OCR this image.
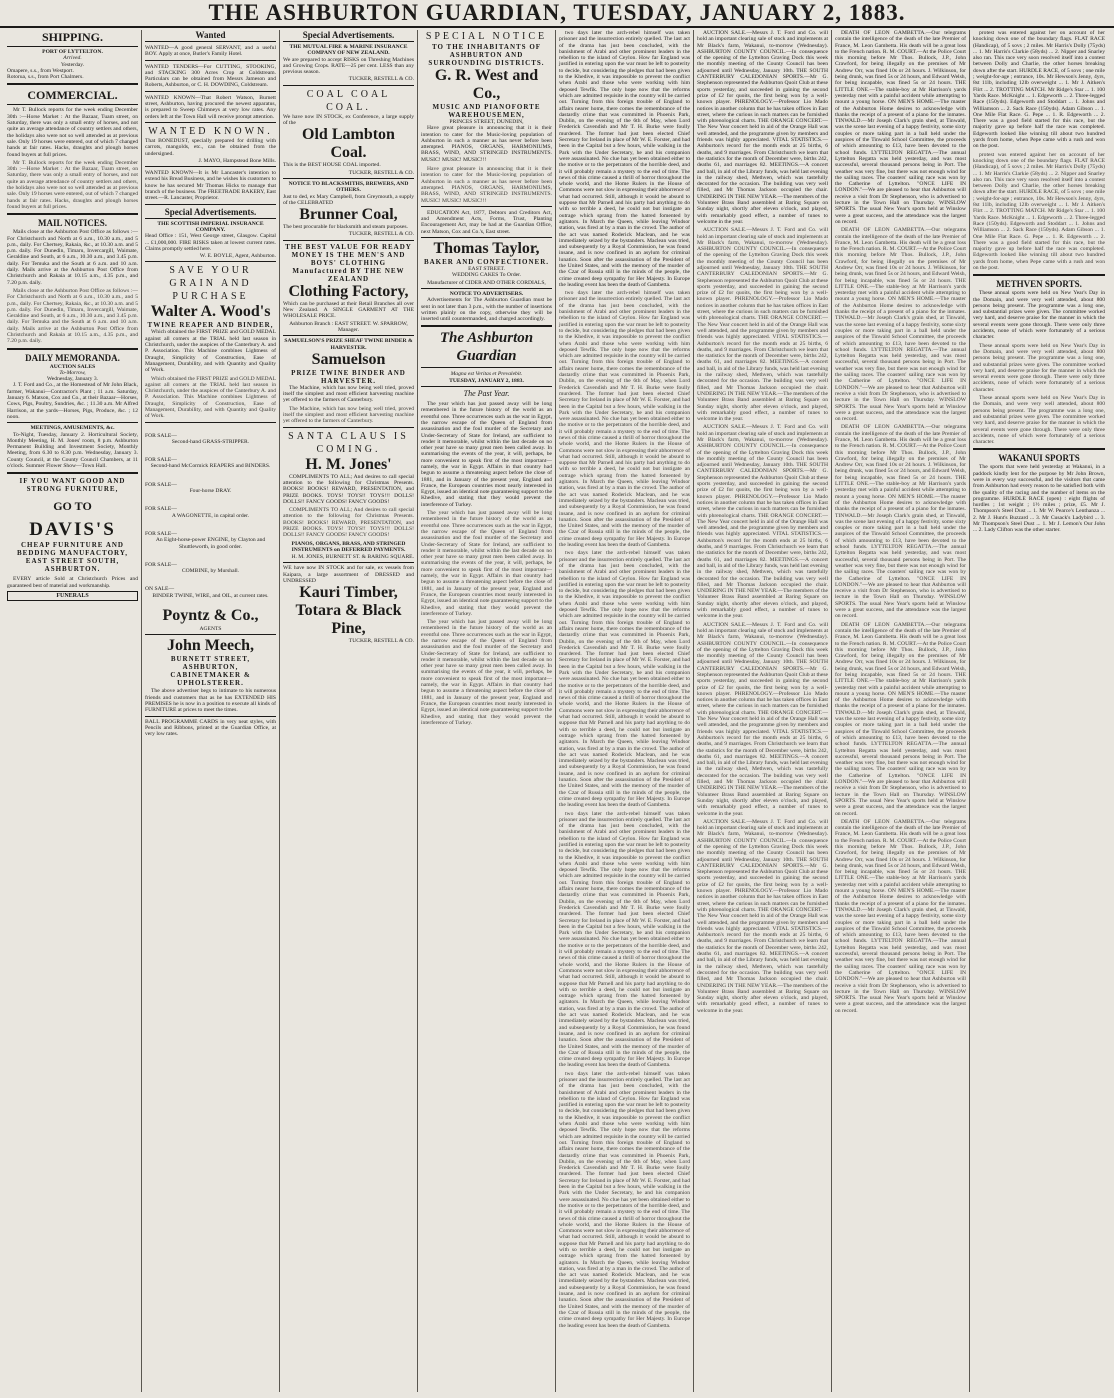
THE ASHBURTON GUARDIAN, TUESDAY, JANUARY 2, 1883.
SHIPPING.
PORT OF LYTTELTON.
Arrived.
Yesterday.
Omapere, s.s., from Westport.
Rotorua, s.s., from Port Chalmers.
COMMERCIAL.

Mr T. Bullock reports for the week ending December 30th :—Horse Market : At the Bazaar, Tuam street, on Saturday, there was only a small entry of horses, and not quite an average attendance of country settlers and others, the holidays also were not so well attended as at previous sale. Only 19 horses were entered, out of which 7 changed hands at fair rates. Hacks, draughts and plough horses found buyers at full prices.

Mr T. Bullock reports for the week ending December 30th :—Horse Market : At the Bazaar, Tuam street, on Saturday, there was only a small entry of horses, and not quite an average attendance of country settlers and others, the holidays also were not so well attended as at previous sale. Only 19 horses were entered, out of which 7 changed hands at fair rates. Hacks, draughts and plough horses found buyers at full prices.

MAIL NOTICES.

Mails close at the Ashburton Post Office as follows :— For Christchurch and North at 6 a.m., 10.30 a.m., and 5 p.m., daily. For Chertsey, Rakaia, &c., at 10.30 a.m. and 5 p.m. daily. For Dunedin, Timaru, Invercargill, Waimate, Geraldine and South, at 6 a.m., 10.30 a.m., and 3.45 p.m. daily. For Temuka and the South at 6 a.m. and 10 a.m. daily. Mails arrive at the Ashburton Post Office from Christchurch and Rakaia at 10.15 a.m., 4.35 p.m., and 7.20 p.m. daily.

Mails close at the Ashburton Post Office as follows :— For Christchurch and North at 6 a.m., 10.30 a.m., and 5 p.m., daily. For Chertsey, Rakaia, &c., at 10.30 a.m. and 5 p.m. daily. For Dunedin, Timaru, Invercargill, Waimate, Geraldine and South, at 6 a.m., 10.30 a.m., and 3.45 p.m. daily. For Temuka and the South at 6 a.m. and 10 a.m. daily. Mails arrive at the Ashburton Post Office from Christchurch and Rakaia at 10.15 a.m., 4.35 p.m., and 7.20 p.m. daily.

DAILY MEMORANDA.
AUCTION SALES
To-Morrow,
Wednesday, January 3.

J. T. Ford and Co., at the Homestead of Mr John Black, farmer, Wakanui—Contractor's Plant ; 11 a.m. Saturday, January 6. Matson, Cox and Co., at their Bazaar—Horses, Cows, Pigs, Poultry, Sundries, &c. ; 11.30 a.m. Mr Alfred Harrison, at the yards—Horses, Pigs, Produce, &c. ; 12 noon.

MEETINGS, AMUSEMENTS, &c.

To-Night, Tuesday, January 2. Horticultural Society, Monthly Meeting, H. M. Jones' room, 8 p.m. Ashburton Permanent Building and Investment Society, Monthly Meeting, from 6.30 to 8.30 p.m. Wednesday, January 3. County Council, at the County Council Chambers, at 11 o'clock. Summer Flower Show—Town Hall.

IF YOU WANT GOOD AND STRONG FURNITURE,
GO TO
DAVIS'S
CHEAP FURNITURE AND BEDDING MANUFACTORY,
EAST STREET SOUTH, ASHBURTON.

EVERY article Sold at Christchurch Prices and guaranteed best of material and workmanship.

FUNERALS
Wanted
WANTED—A good general SERVANT, and a useful BOY. Apply at once, Butler's Family Hotel.
WANTED TENDERS—For CUTTING, STOOKING, and STACKING 300 Acres Crop at Coldstream. Particulars can be obtained from Messrs Jameson and Roberts, Ashburton, or C. H. DOWDING, Coldstream.
WANTED KNOWN—That Robert Watson, Burnett street, Ashburton, having procured the newest apparatus, is prepared to Sweep Chimneys at very low rates. Any orders left at the Town Hall will receive prompt attention.
WANTED KNOWN.
That BONEDUST, specially prepared for drilling with carrots, mangolds, etc., can be obtained from the undersigned.
J. MAYO, Hampstead Bone Mills.
WANTED KNOWN—It is Mr Lancaster's intention to extend his Bread Business, and he wishes his customers to know he has secured Mr Thomas Hicks to manage that branch of the business. The FREETRADE BAKERY, East street.—R. Lancaster, Proprietor.
Special Advertisements.
THE SCOTTISH IMPERIAL INSURANCE COMPANY.
Head Office : 151, West George street, Glasgow. Capital ... £1,000,000. FIRE RISKS taken at lowest current rates. Claims promptly settled here.
W. E. BOYLE, Agent, Ashburton.
SAVE YOUR GRAIN AND PURCHASE
Walter A. Wood's
TWINE REAPER AND BINDER,

Which obtained the FIRST PRIZE and GOLD MEDAL against all comers at the TRIAL held last season in Christchurch, under the auspices of the Canterbury A. and P. Association. This Machine combines Lightness of Draught, Simplicity of Construction, Ease of Management, Durability, and with Quantity and Quality of Work.

Which obtained the FIRST PRIZE and GOLD MEDAL against all comers at the TRIAL held last season in Christchurch, under the auspices of the Canterbury A. and P. Association. This Machine combines Lightness of Draught, Simplicity of Construction, Ease of Management, Durability, and with Quantity and Quality of Work.

FOR SALE—
Second-hand GRASS-STRIPPER.
FOR SALE—
Second-hand McCormick REAPERS and BINDERS.
FOR SALE—
Four-horse DRAY.
FOR SALE—
A WAGONETTE, in capital order.
FOR SALE—
An Eight-horse-power ENGINE, by Clayton and Shuttleworth, in good order.
FOR SALE—
COMBINE, by Murshall.
ON SALE—
BINDER TWINE, WIRE, and OIL, at current rates.
Poyntz & Co.,
AGENTS
John Meech,
BURNETT STREET, ASHBURTON,
CABINETMAKER & UPHOLSTERER.

The above advertiser begs to intimate to his numerous friends and customers that as he has EXTENDED HIS PREMISES he is now in a position to execute all kinds of FURNITURE at prices to meet the times.

BALL PROGRAMME CARDS in very neat styles, with Pencils and Ribbons, printed at the Guardian Office, at very low rates.
Special Advertisements.
THE MUTUAL FIRE & MARINE INSURANCE COMPANY OF NEW ZEALAND.
We are prepared to accept RISKS on Threshing Machines and Growing Crops. RATE—25 per cent. LESS than any previous season.
TUCKER, RESTELL & CO.
COAL COAL COAL.
We have now IN STOCK, ex Conference, a large supply of the
Old Lambton Coal.
This is the BEST HOUSE COAL imported.
TUCKER, RESTELL & CO.
NOTICE TO BLACKSMITHS, BREWERS, AND OTHERS.
Just to ded, ex Mary Campbell, from Greymouth, a supply of the CELEBRATED
Brunner Coal,
The best procurable for blacksmith and steam purposes.
TUCKER, RESTELL & CO.
THE BEST VALUE FOR READY MONEY IS THE MEN'S AND BOYS' CLOTHING Manufactured BY THE NEW ZEALAND
Clothing Factory,
Which can be purchased at their Retail Branches all over New Zealand. A SINGLE GARMENT AT THE WHOLESALE PRICE.
Ashburton Branch : EAST STREET. W. SPARROW, Manager.
SAMUELSON'S PRIZE SHEAF TWINE BINDER & HARVESTER.
Samuelson
PRIZE TWINE BINDER AND HARVESTER.

The Machine, which has now being well tried, proved itself the simplest and most efficient harvesting machine yet offered to the farmers of Canterbury.

The Machine, which has now being well tried, proved itself the simplest and most efficient harvesting machine yet offered to the farmers of Canterbury.

SANTA CLAUS IS COMING.
H. M. Jones'

COMPLIMENTS TO ALL; And desires to call special attention to the following for Christmas Presents. BOOKS! BOOKS! REWARD, PRESENTATION, and PRIZE BOOKS. TOYS! TOYS!! TOYS!!! DOLLS! DOLLS!! FANCY GOODS! FANCY GOODS!

COMPLIMENTS TO ALL; And desires to call special attention to the following for Christmas Presents. BOOKS! BOOKS! REWARD, PRESENTATION, and PRIZE BOOKS. TOYS! TOYS!! TOYS!!! DOLLS! DOLLS!! FANCY GOODS! FANCY GOODS!

PIANOS, ORGANS, BRASS, AND STRINGED INSTRUMENTS on DEFERRED PAYMENTS.
H. M. JONES, BURNETT ST. & BARING SQUARE.
WE have now IN STOCK and for sale, ex vessels from Kaipara, a large assortment of DRESSED and UNDRESSED
Kauri Timber,
Totara & Black Pine,
TUCKER, RESTELL & CO.
SPECIAL NOTICE
TO THE INHABITANTS OF ASHBURTON AND SURROUNDING DISTRICTS.
G. R. West and Co.,
MUSIC AND PIANOFORTE WAREHOUSEMEN,
PRINCES STREET, DUNEDIN,

Have great pleasure in announcing that it is their intention to cater for the Music-loving population of Ashburton in such a manner as has never before been attempted. PIANOS, ORGANS, HARMONIUMS, BRASS, WIND, AND STRINGED INSTRUMENTS. MUSIC! MUSIC! MUSIC!!!

Have great pleasure in announcing that it is their intention to cater for the Music-loving population of Ashburton in such a manner as has never before been attempted. PIANOS, ORGANS, HARMONIUMS, BRASS, WIND, AND STRINGED INSTRUMENTS. MUSIC! MUSIC! MUSIC!!!

EDUCATION Act, 1877, Debtors and Creditors Act, and Amendment Acts, Forms, Trust, Planting Encouragement Act, may be had at the Guardian Office, next Matson, Cox and Co.'s, East street.

Thomas Taylor,
BAKER AND CONFECTIONER.
EAST STREET.
WEDDING CAKES To Order.
Manufacturer of CIDER AND OTHER CORDIALS,
NOTICE TO ADVERTISERS.

Advertisements for The Ashburton Guardian must be sent in not later than 3 p.m., with the number of insertions written plainly on the copy, otherwise they will be inserted until countermanded, and charged accordingly.

The Ashburton Guardian
Magna est Veritas et Prevalebit.
TUESDAY, JANUARY 2, 1883.
The Past Year.

The year which has just passed away will be long remembered in the future history of the world as an eventful one. Three occurrences such as the war in Egypt, the narrow escape of the Queen of England from assassination and the foul murder of the Secretary and Under-Secretary of State for Ireland, are sufficient to render it memorable, whilst within the last decade on no other year have so many great men been called away. In summarising the events of the year, it will, perhaps, be more convenient to speak first of the most important—namely, the war in Egypt. Affairs in that country had begun to assume a threatening aspect before the close of 1881, and in January of the present year, England and France, the European countries most nearly interested in Egypt, issued an identical note guaranteeing support to the Khedive, and stating that they would prevent the interference of Turkey.

The year which has just passed away will be long remembered in the future history of the world as an eventful one. Three occurrences such as the war in Egypt, the narrow escape of the Queen of England from assassination and the foul murder of the Secretary and Under-Secretary of State for Ireland, are sufficient to render it memorable, whilst within the last decade on no other year have so many great men been called away. In summarising the events of the year, it will, perhaps, be more convenient to speak first of the most important—namely, the war in Egypt. Affairs in that country had begun to assume a threatening aspect before the close of 1881, and in January of the present year, England and France, the European countries most nearly interested in Egypt, issued an identical note guaranteeing support to the Khedive, and stating that they would prevent the interference of Turkey.

The year which has just passed away will be long remembered in the future history of the world as an eventful one. Three occurrences such as the war in Egypt, the narrow escape of the Queen of England from assassination and the foul murder of the Secretary and Under-Secretary of State for Ireland, are sufficient to render it memorable, whilst within the last decade on no other year have so many great men been called away. In summarising the events of the year, it will, perhaps, be more convenient to speak first of the most important—namely, the war in Egypt. Affairs in that country had begun to assume a threatening aspect before the close of 1881, and in January of the present year, England and France, the European countries most nearly interested in Egypt, issued an identical note guaranteeing support to the Khedive, and stating that they would prevent the interference of Turkey.

two days later the arch-rebel himself was taken prisoner and the insurrection entirely quelled. The last act of the drama has just been concluded, with the banishment of Arabi and other prominent leaders in the rebellion to the island of Ceylon. How far England was justified in entering upon the war must be left to posterity to decide, but considering the pledges that had been given to the Khedive, it was impossible to prevent the conflict when Arabi and those who were working with him deposed Tewfik. The only hope now that the reforms which are admitted requisite in the country will be carried out. Turning from this foreign trouble of England to affairs nearer home, there comes the remembrance of the dastardly crime that was committed in Phoenix Park, Dublin, on the evening of the 6th of May, when Lord Frederick Cavendish and Mr T. H. Burke were foully murdered. The former had just been elected Chief Secretary for Ireland in place of Mr W. E. Forster, and had been in the Capital but a few hours, while walking in the Park with the Under Secretary, he and his companion were assassinated. No clue has yet been obtained either to the motive or to the perpetrators of the horrible deed, and it will probably remain a mystery to the end of time. The news of this crime caused a thrill of horror throughout the whole world, and the Home Rulers in the House of Commons were not slow in expressing their abhorrence of what had occurred. Still, although it would be absurd to suppose that Mr Parnell and his party had anything to do with so terrible a deed, he could not but instigate an outrage which sprang from the hatred fomented by agitators. In March the Queen, while leaving Windsor station, was fired at by a man in the crowd. The author of the act was named Roderick Maclean, and he was immediately seized by the bystanders. Maclean was tried, and subsequently by a Royal Commission, he was found insane, and is now confined in an asylum for criminal lunatics. Soon after the assassination of the President of the United States, and with the memory of the murder of the Czar of Russia still in the minds of the people, the crime created deep sympathy for Her Majesty. In Europe the leading event has been the death of Gambetta.

two days later the arch-rebel himself was taken prisoner and the insurrection entirely quelled. The last act of the drama has just been concluded, with the banishment of Arabi and other prominent leaders in the rebellion to the island of Ceylon. How far England was justified in entering upon the war must be left to posterity to decide, but considering the pledges that had been given to the Khedive, it was impossible to prevent the conflict when Arabi and those who were working with him deposed Tewfik. The only hope now that the reforms which are admitted requisite in the country will be carried out. Turning from this foreign trouble of England to affairs nearer home, there comes the remembrance of the dastardly crime that was committed in Phoenix Park, Dublin, on the evening of the 6th of May, when Lord Frederick Cavendish and Mr T. H. Burke were foully murdered. The former had just been elected Chief Secretary for Ireland in place of Mr W. E. Forster, and had been in the Capital but a few hours, while walking in the Park with the Under Secretary, he and his companion were assassinated. No clue has yet been obtained either to the motive or to the perpetrators of the horrible deed, and it will probably remain a mystery to the end of time. The news of this crime caused a thrill of horror throughout the whole world, and the Home Rulers in the House of Commons were not slow in expressing their abhorrence of what had occurred. Still, although it would be absurd to suppose that Mr Parnell and his party had anything to do with so terrible a deed, he could not but instigate an outrage which sprang from the hatred fomented by agitators. In March the Queen, while leaving Windsor station, was fired at by a man in the crowd. The author of the act was named Roderick Maclean, and he was immediately seized by the bystanders. Maclean was tried, and subsequently by a Royal Commission, he was found insane, and is now confined in an asylum for criminal lunatics. Soon after the assassination of the President of the United States, and with the memory of the murder of the Czar of Russia still in the minds of the people, the crime created deep sympathy for Her Majesty. In Europe the leading event has been the death of Gambetta.

two days later the arch-rebel himself was taken prisoner and the insurrection entirely quelled. The last act of the drama has just been concluded, with the banishment of Arabi and other prominent leaders in the rebellion to the island of Ceylon. How far England was justified in entering upon the war must be left to posterity to decide, but considering the pledges that had been given to the Khedive, it was impossible to prevent the conflict when Arabi and those who were working with him deposed Tewfik. The only hope now that the reforms which are admitted requisite in the country will be carried out. Turning from this foreign trouble of England to affairs nearer home, there comes the remembrance of the dastardly crime that was committed in Phoenix Park, Dublin, on the evening of the 6th of May, when Lord Frederick Cavendish and Mr T. H. Burke were foully murdered. The former had just been elected Chief Secretary for Ireland in place of Mr W. E. Forster, and had been in the Capital but a few hours, while walking in the Park with the Under Secretary, he and his companion were assassinated. No clue has yet been obtained either to the motive or to the perpetrators of the horrible deed, and it will probably remain a mystery to the end of time. The news of this crime caused a thrill of horror throughout the whole world, and the Home Rulers in the House of Commons were not slow in expressing their abhorrence of what had occurred. Still, although it would be absurd to suppose that Mr Parnell and his party had anything to do with so terrible a deed, he could not but instigate an outrage which sprang from the hatred fomented by agitators. In March the Queen, while leaving Windsor station, was fired at by a man in the crowd. The author of the act was named Roderick Maclean, and he was immediately seized by the bystanders. Maclean was tried, and subsequently by a Royal Commission, he was found insane, and is now confined in an asylum for criminal lunatics. Soon after the assassination of the President of the United States, and with the memory of the murder of the Czar of Russia still in the minds of the people, the crime created deep sympathy for Her Majesty. In Europe the leading event has been the death of Gambetta.

two days later the arch-rebel himself was taken prisoner and the insurrection entirely quelled. The last act of the drama has just been concluded, with the banishment of Arabi and other prominent leaders in the rebellion to the island of Ceylon. How far England was justified in entering upon the war must be left to posterity to decide, but considering the pledges that had been given to the Khedive, it was impossible to prevent the conflict when Arabi and those who were working with him deposed Tewfik. The only hope now that the reforms which are admitted requisite in the country will be carried out. Turning from this foreign trouble of England to affairs nearer home, there comes the remembrance of the dastardly crime that was committed in Phoenix Park, Dublin, on the evening of the 6th of May, when Lord Frederick Cavendish and Mr T. H. Burke were foully murdered. The former had just been elected Chief Secretary for Ireland in place of Mr W. E. Forster, and had been in the Capital but a few hours, while walking in the Park with the Under Secretary, he and his companion were assassinated. No clue has yet been obtained either to the motive or to the perpetrators of the horrible deed, and it will probably remain a mystery to the end of time. The news of this crime caused a thrill of horror throughout the whole world, and the Home Rulers in the House of Commons were not slow in expressing their abhorrence of what had occurred. Still, although it would be absurd to suppose that Mr Parnell and his party had anything to do with so terrible a deed, he could not but instigate an outrage which sprang from the hatred fomented by agitators. In March the Queen, while leaving Windsor station, was fired at by a man in the crowd. The author of the act was named Roderick Maclean, and he was immediately seized by the bystanders. Maclean was tried, and subsequently by a Royal Commission, he was found insane, and is now confined in an asylum for criminal lunatics. Soon after the assassination of the President of the United States, and with the memory of the murder of the Czar of Russia still in the minds of the people, the crime created deep sympathy for Her Majesty. In Europe the leading event has been the death of Gambetta.

two days later the arch-rebel himself was taken prisoner and the insurrection entirely quelled. The last act of the drama has just been concluded, with the banishment of Arabi and other prominent leaders in the rebellion to the island of Ceylon. How far England was justified in entering upon the war must be left to posterity to decide, but considering the pledges that had been given to the Khedive, it was impossible to prevent the conflict when Arabi and those who were working with him deposed Tewfik. The only hope now that the reforms which are admitted requisite in the country will be carried out. Turning from this foreign trouble of England to affairs nearer home, there comes the remembrance of the dastardly crime that was committed in Phoenix Park, Dublin, on the evening of the 6th of May, when Lord Frederick Cavendish and Mr T. H. Burke were foully murdered. The former had just been elected Chief Secretary for Ireland in place of Mr W. E. Forster, and had been in the Capital but a few hours, while walking in the Park with the Under Secretary, he and his companion were assassinated. No clue has yet been obtained either to the motive or to the perpetrators of the horrible deed, and it will probably remain a mystery to the end of time. The news of this crime caused a thrill of horror throughout the whole world, and the Home Rulers in the House of Commons were not slow in expressing their abhorrence of what had occurred. Still, although it would be absurd to suppose that Mr Parnell and his party had anything to do with so terrible a deed, he could not but instigate an outrage which sprang from the hatred fomented by agitators. In March the Queen, while leaving Windsor station, was fired at by a man in the crowd. The author of the act was named Roderick Maclean, and he was immediately seized by the bystanders. Maclean was tried, and subsequently by a Royal Commission, he was found insane, and is now confined in an asylum for criminal lunatics. Soon after the assassination of the President of the United States, and with the memory of the murder of the Czar of Russia still in the minds of the people, the crime created deep sympathy for Her Majesty. In Europe the leading event has been the death of Gambetta.

AUCTION SALE.—Messrs J. T. Ford and Co. will hold an important clearing sale of stock and implements at Mr Black's farm, Wakanui, to-morrow (Wednesday). ASHBURTON COUNTY COUNCIL.—In consequence of the opening of the Lyttelton Graving Dock this week the monthly meeting of the County Council has been adjourned until Wednesday, January 10th. THE SOUTH CANTERBURY CALEDONIAN SPORTS.—Mr G. Stephenson represented the Ashburton Quoit Club at these sports yesterday, and succeeded in gaining the second prize of £2 for quoits, the first being won by a well-known player. PHRENOLOGY.—Professor Lio Mado notices in another column that he has taken offices in East street, where the curious in such matters can be furnished with phrenological charts. THE ORANGE CONCERT.—The New Year concert held in aid of the Orange Hall was well attended, and the programme given by members and friends was highly appreciated. VITAL STATISTICS.—Ashburton's record for the month ends at 25 births, 6 deaths, and 9 marriages. From Christchurch we learn that the statistics for the month of December were, births 242, deaths 61, and marriages 82. MEETINGS.—A concert and ball, in aid of the Library funds, was held last evening in the railway shed, Methven, which was tastefully decorated for the occasion. The building was very well filled, and Mr Thomas Jackson occupied the chair. UNDERING IN THE NEW YEAR.—The members of the Volunteer Brass Band assembled at Baring Square on Sunday night, shortly after eleven o'clock, and played, with remarkably good effect, a number of tunes to welcome in the year.

AUCTION SALE.—Messrs J. T. Ford and Co. will hold an important clearing sale of stock and implements at Mr Black's farm, Wakanui, to-morrow (Wednesday). ASHBURTON COUNTY COUNCIL.—In consequence of the opening of the Lyttelton Graving Dock this week the monthly meeting of the County Council has been adjourned until Wednesday, January 10th. THE SOUTH CANTERBURY CALEDONIAN SPORTS.—Mr G. Stephenson represented the Ashburton Quoit Club at these sports yesterday, and succeeded in gaining the second prize of £2 for quoits, the first being won by a well-known player. PHRENOLOGY.—Professor Lio Mado notices in another column that he has taken offices in East street, where the curious in such matters can be furnished with phrenological charts. THE ORANGE CONCERT.—The New Year concert held in aid of the Orange Hall was well attended, and the programme given by members and friends was highly appreciated. VITAL STATISTICS.—Ashburton's record for the month ends at 25 births, 6 deaths, and 9 marriages. From Christchurch we learn that the statistics for the month of December were, births 242, deaths 61, and marriages 82. MEETINGS.—A concert and ball, in aid of the Library funds, was held last evening in the railway shed, Methven, which was tastefully decorated for the occasion. The building was very well filled, and Mr Thomas Jackson occupied the chair. UNDERING IN THE NEW YEAR.—The members of the Volunteer Brass Band assembled at Baring Square on Sunday night, shortly after eleven o'clock, and played, with remarkably good effect, a number of tunes to welcome in the year.

AUCTION SALE.—Messrs J. T. Ford and Co. will hold an important clearing sale of stock and implements at Mr Black's farm, Wakanui, to-morrow (Wednesday). ASHBURTON COUNTY COUNCIL.—In consequence of the opening of the Lyttelton Graving Dock this week the monthly meeting of the County Council has been adjourned until Wednesday, January 10th. THE SOUTH CANTERBURY CALEDONIAN SPORTS.—Mr G. Stephenson represented the Ashburton Quoit Club at these sports yesterday, and succeeded in gaining the second prize of £2 for quoits, the first being won by a well-known player. PHRENOLOGY.—Professor Lio Mado notices in another column that he has taken offices in East street, where the curious in such matters can be furnished with phrenological charts. THE ORANGE CONCERT.—The New Year concert held in aid of the Orange Hall was well attended, and the programme given by members and friends was highly appreciated. VITAL STATISTICS.—Ashburton's record for the month ends at 25 births, 6 deaths, and 9 marriages. From Christchurch we learn that the statistics for the month of December were, births 242, deaths 61, and marriages 82. MEETINGS.—A concert and ball, in aid of the Library funds, was held last evening in the railway shed, Methven, which was tastefully decorated for the occasion. The building was very well filled, and Mr Thomas Jackson occupied the chair. UNDERING IN THE NEW YEAR.—The members of the Volunteer Brass Band assembled at Baring Square on Sunday night, shortly after eleven o'clock, and played, with remarkably good effect, a number of tunes to welcome in the year.

AUCTION SALE.—Messrs J. T. Ford and Co. will hold an important clearing sale of stock and implements at Mr Black's farm, Wakanui, to-morrow (Wednesday). ASHBURTON COUNTY COUNCIL.—In consequence of the opening of the Lyttelton Graving Dock this week the monthly meeting of the County Council has been adjourned until Wednesday, January 10th. THE SOUTH CANTERBURY CALEDONIAN SPORTS.—Mr G. Stephenson represented the Ashburton Quoit Club at these sports yesterday, and succeeded in gaining the second prize of £2 for quoits, the first being won by a well-known player. PHRENOLOGY.—Professor Lio Mado notices in another column that he has taken offices in East street, where the curious in such matters can be furnished with phrenological charts. THE ORANGE CONCERT.—The New Year concert held in aid of the Orange Hall was well attended, and the programme given by members and friends was highly appreciated. VITAL STATISTICS.—Ashburton's record for the month ends at 25 births, 6 deaths, and 9 marriages. From Christchurch we learn that the statistics for the month of December were, births 242, deaths 61, and marriages 82. MEETINGS.—A concert and ball, in aid of the Library funds, was held last evening in the railway shed, Methven, which was tastefully decorated for the occasion. The building was very well filled, and Mr Thomas Jackson occupied the chair. UNDERING IN THE NEW YEAR.—The members of the Volunteer Brass Band assembled at Baring Square on Sunday night, shortly after eleven o'clock, and played, with remarkably good effect, a number of tunes to welcome in the year.

AUCTION SALE.—Messrs J. T. Ford and Co. will hold an important clearing sale of stock and implements at Mr Black's farm, Wakanui, to-morrow (Wednesday). ASHBURTON COUNTY COUNCIL.—In consequence of the opening of the Lyttelton Graving Dock this week the monthly meeting of the County Council has been adjourned until Wednesday, January 10th. THE SOUTH CANTERBURY CALEDONIAN SPORTS.—Mr G. Stephenson represented the Ashburton Quoit Club at these sports yesterday, and succeeded in gaining the second prize of £2 for quoits, the first being won by a well-known player. PHRENOLOGY.—Professor Lio Mado notices in another column that he has taken offices in East street, where the curious in such matters can be furnished with phrenological charts. THE ORANGE CONCERT.—The New Year concert held in aid of the Orange Hall was well attended, and the programme given by members and friends was highly appreciated. VITAL STATISTICS.—Ashburton's record for the month ends at 25 births, 6 deaths, and 9 marriages. From Christchurch we learn that the statistics for the month of December were, births 242, deaths 61, and marriages 82. MEETINGS.—A concert and ball, in aid of the Library funds, was held last evening in the railway shed, Methven, which was tastefully decorated for the occasion. The building was very well filled, and Mr Thomas Jackson occupied the chair. UNDERING IN THE NEW YEAR.—The members of the Volunteer Brass Band assembled at Baring Square on Sunday night, shortly after eleven o'clock, and played, with remarkably good effect, a number of tunes to welcome in the year.

DEATH OF LEON GAMBETTA.—Our telegrams contain the intelligence of the death of the late Premier of France, M. Leon Gambetta. His death will be a great loss to the French nation. R. M. COURT.—At the Police Court this morning before Mr Thos. Bullock, J.P., John Crawford, for being illegally on the premises of Mr Andrew Orr, was fined 10s or 24 hours. J. Wilkinson, for being drunk, was fined 5s or 24 hours, and Edward Welsh, for being incapable, was fined 5s or 24 hours. THE LITTLE ONE.—The stable-boy at Mr Harrison's yards yesterday met with a painful accident while attempting to mount a young horse. ON MEN'S HOME.—The master of the Ashburton Home desires to acknowledge with thanks the receipt of a present of a piano for the inmates. TINWALD.—Mr Joseph Clark's grain shed, at Tinwald, was the scene last evening of a happy festivity, some sixty couples or more taking part in a ball held under the auspices of the Tinwald School Committee, the proceeds of which amounting to £13, have been devoted to the school funds. LYTTELTON REGATTA.—The annual Lyttelton Regatta was held yesterday, and was most successful, several thousand persons being in Port. The weather was very fine, but there was not enough wind for the sailing races. The coasters' sailing race was won by the Catherine of Lyttelton. "ONCE LIFE IN LONDON."—We are pleased to hear that Ashburton will receive a visit from Dr Stephenson, who is advertised to lecture in the Town Hall on Thursday. WINSLOW SPORTS. The usual New Year's sports held at Winslow were a great success, and the attendance was the largest on record.

DEATH OF LEON GAMBETTA.—Our telegrams contain the intelligence of the death of the late Premier of France, M. Leon Gambetta. His death will be a great loss to the French nation. R. M. COURT.—At the Police Court this morning before Mr Thos. Bullock, J.P., John Crawford, for being illegally on the premises of Mr Andrew Orr, was fined 10s or 24 hours. J. Wilkinson, for being drunk, was fined 5s or 24 hours, and Edward Welsh, for being incapable, was fined 5s or 24 hours. THE LITTLE ONE.—The stable-boy at Mr Harrison's yards yesterday met with a painful accident while attempting to mount a young horse. ON MEN'S HOME.—The master of the Ashburton Home desires to acknowledge with thanks the receipt of a present of a piano for the inmates. TINWALD.—Mr Joseph Clark's grain shed, at Tinwald, was the scene last evening of a happy festivity, some sixty couples or more taking part in a ball held under the auspices of the Tinwald School Committee, the proceeds of which amounting to £13, have been devoted to the school funds. LYTTELTON REGATTA.—The annual Lyttelton Regatta was held yesterday, and was most successful, several thousand persons being in Port. The weather was very fine, but there was not enough wind for the sailing races. The coasters' sailing race was won by the Catherine of Lyttelton. "ONCE LIFE IN LONDON."—We are pleased to hear that Ashburton will receive a visit from Dr Stephenson, who is advertised to lecture in the Town Hall on Thursday. WINSLOW SPORTS. The usual New Year's sports held at Winslow were a great success, and the attendance was the largest on record.

DEATH OF LEON GAMBETTA.—Our telegrams contain the intelligence of the death of the late Premier of France, M. Leon Gambetta. His death will be a great loss to the French nation. R. M. COURT.—At the Police Court this morning before Mr Thos. Bullock, J.P., John Crawford, for being illegally on the premises of Mr Andrew Orr, was fined 10s or 24 hours. J. Wilkinson, for being drunk, was fined 5s or 24 hours, and Edward Welsh, for being incapable, was fined 5s or 24 hours. THE LITTLE ONE.—The stable-boy at Mr Harrison's yards yesterday met with a painful accident while attempting to mount a young horse. ON MEN'S HOME.—The master of the Ashburton Home desires to acknowledge with thanks the receipt of a present of a piano for the inmates. TINWALD.—Mr Joseph Clark's grain shed, at Tinwald, was the scene last evening of a happy festivity, some sixty couples or more taking part in a ball held under the auspices of the Tinwald School Committee, the proceeds of which amounting to £13, have been devoted to the school funds. LYTTELTON REGATTA.—The annual Lyttelton Regatta was held yesterday, and was most successful, several thousand persons being in Port. The weather was very fine, but there was not enough wind for the sailing races. The coasters' sailing race was won by the Catherine of Lyttelton. "ONCE LIFE IN LONDON."—We are pleased to hear that Ashburton will receive a visit from Dr Stephenson, who is advertised to lecture in the Town Hall on Thursday. WINSLOW SPORTS. The usual New Year's sports held at Winslow were a great success, and the attendance was the largest on record.

DEATH OF LEON GAMBETTA.—Our telegrams contain the intelligence of the death of the late Premier of France, M. Leon Gambetta. His death will be a great loss to the French nation. R. M. COURT.—At the Police Court this morning before Mr Thos. Bullock, J.P., John Crawford, for being illegally on the premises of Mr Andrew Orr, was fined 10s or 24 hours. J. Wilkinson, for being drunk, was fined 5s or 24 hours, and Edward Welsh, for being incapable, was fined 5s or 24 hours. THE LITTLE ONE.—The stable-boy at Mr Harrison's yards yesterday met with a painful accident while attempting to mount a young horse. ON MEN'S HOME.—The master of the Ashburton Home desires to acknowledge with thanks the receipt of a present of a piano for the inmates. TINWALD.—Mr Joseph Clark's grain shed, at Tinwald, was the scene last evening of a happy festivity, some sixty couples or more taking part in a ball held under the auspices of the Tinwald School Committee, the proceeds of which amounting to £13, have been devoted to the school funds. LYTTELTON REGATTA.—The annual Lyttelton Regatta was held yesterday, and was most successful, several thousand persons being in Port. The weather was very fine, but there was not enough wind for the sailing races. The coasters' sailing race was won by the Catherine of Lyttelton. "ONCE LIFE IN LONDON."—We are pleased to hear that Ashburton will receive a visit from Dr Stephenson, who is advertised to lecture in the Town Hall on Thursday. WINSLOW SPORTS. The usual New Year's sports held at Winslow were a great success, and the attendance was the largest on record.

DEATH OF LEON GAMBETTA.—Our telegrams contain the intelligence of the death of the late Premier of France, M. Leon Gambetta. His death will be a great loss to the French nation. R. M. COURT.—At the Police Court this morning before Mr Thos. Bullock, J.P., John Crawford, for being illegally on the premises of Mr Andrew Orr, was fined 10s or 24 hours. J. Wilkinson, for being drunk, was fined 5s or 24 hours, and Edward Welsh, for being incapable, was fined 5s or 24 hours. THE LITTLE ONE.—The stable-boy at Mr Harrison's yards yesterday met with a painful accident while attempting to mount a young horse. ON MEN'S HOME.—The master of the Ashburton Home desires to acknowledge with thanks the receipt of a present of a piano for the inmates. TINWALD.—Mr Joseph Clark's grain shed, at Tinwald, was the scene last evening of a happy festivity, some sixty couples or more taking part in a ball held under the auspices of the Tinwald School Committee, the proceeds of which amounting to £13, have been devoted to the school funds. LYTTELTON REGATTA.—The annual Lyttelton Regatta was held yesterday, and was most successful, several thousand persons being in Port. The weather was very fine, but there was not enough wind for the sailing races. The coasters' sailing race was won by the Catherine of Lyttelton. "ONCE LIFE IN LONDON."—We are pleased to hear that Ashburton will receive a visit from Dr Stephenson, who is advertised to lecture in the Town Hall on Thursday. WINSLOW SPORTS. The usual New Year's sports held at Winslow were a great success, and the attendance was the largest on record.

protest was entered against her on account of her knocking down one of the boundary flags. FLAT RACE (Handicap), of 5 sovs ; 2 miles. Mr Harris's Dolly (75yds) ... 1. Mr Harris's Clarkie (58yds) ... 2. Nipper and Snarley also ran. This race very soon resolved itself into a contest between Dolly and Charlie, the other horses breaking down after the start. HURDLE RACE, of 5 sovs ; one mile ; weight-for-age ; entrance, 10s. Mr Hewson's Jenny, 4yrs, 8st 11lb, including 12lb overweight ... 1. Mr J. Aitken's Flirt ... 2. TROTTING MATCH. Mr Ridge's Star ... 1. 100 Yards Race. McKnight ... 1. Edgeworth ... 2. Three-legged Race (150yds). Edgeworth and Stoddart ... 1. Johns and Williamson ... 2. Sack Race (150yds). Adam Gibson ... 1. One Mile Flat Race. G. Pepe ... 1. R. Edgeworth ... 2. There was a good field started for this race, but the majority gave up before half the race was completed. Edgeworth looked like winning till about two hundred yards from home, when Pepe came with a rush and won on the post.

protest was entered against her on account of her knocking down one of the boundary flags. FLAT RACE (Handicap), of 5 sovs ; 2 miles. Mr Harris's Dolly (75yds) ... 1. Mr Harris's Clarkie (58yds) ... 2. Nipper and Snarley also ran. This race very soon resolved itself into a contest between Dolly and Charlie, the other horses breaking down after the start. HURDLE RACE, of 5 sovs ; one mile ; weight-for-age ; entrance, 10s. Mr Hewson's Jenny, 4yrs, 8st 11lb, including 12lb overweight ... 1. Mr J. Aitken's Flirt ... 2. TROTTING MATCH. Mr Ridge's Star ... 1. 100 Yards Race. McKnight ... 1. Edgeworth ... 2. Three-legged Race (150yds). Edgeworth and Stoddart ... 1. Johns and Williamson ... 2. Sack Race (150yds). Adam Gibson ... 1. One Mile Flat Race. G. Pepe ... 1. R. Edgeworth ... 2. There was a good field started for this race, but the majority gave up before half the race was completed. Edgeworth looked like winning till about two hundred yards from home, when Pepe came with a rush and won on the post.

METHVEN SPORTS.

These annual sports were held on New Year's Day in the Domain, and were very well attended, about 800 persons being present. The programme was a long one, and substantial prizes were given. The committee worked very hard, and deserve praise for the manner in which the several events were gone through. There were only three accidents, none of which were fortunately of a serious character.

These annual sports were held on New Year's Day in the Domain, and were very well attended, about 800 persons being present. The programme was a long one, and substantial prizes were given. The committee worked very hard, and deserve praise for the manner in which the several events were gone through. There were only three accidents, none of which were fortunately of a serious character.

These annual sports were held on New Year's Day in the Domain, and were very well attended, about 800 persons being present. The programme was a long one, and substantial prizes were given. The committee worked very hard, and deserve praise for the manner in which the several events were gone through. There were only three accidents, none of which were fortunately of a serious character.

WAKANUI SPORTS

The sports that were held yesterday at Wakanui, in a paddock kindly lent for the purpose by Mr John Brown, were in every way successful, and the visitors that came from Ashburton had every reason to be satisfied both with the quality of the racing and the number of items on the programme. HURDLE RACE (open) : eight flights of hurdles ; 1st weight ; 1½ miles ; prize, £5. Mr J. Thompson's Steel Dust ... 1. Mr W. Pearce's Lenthanza ... 2. Mr J. Hunt's Buzzard ... 3. Mr Cusack's Ladybird ... 3. Mr Thompson's Steel Dust ... 1. Mr J. Lemon's Our John ... 2. Lady Clifton was the other starter.
